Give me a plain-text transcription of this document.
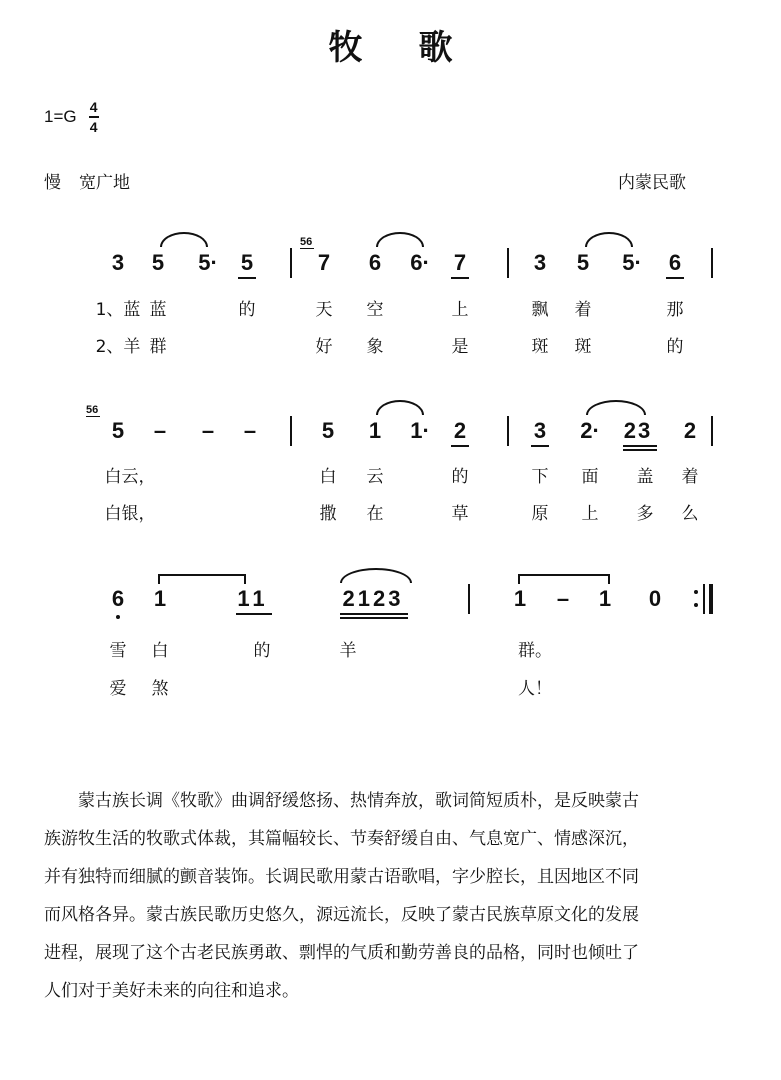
牧 歌
$1=G \frac{4}{4}$
慢 宽广地	内蒙民歌
3 5 5· 5
56
7 6 6· 7	3 5 5· 6
1、蓝 蓝	的	天 空	上	飘 着	那
2、羊 群	好 象	是	斑 斑	的
56
5 – – –	5 1 1· 2	3 2· 23 2
白云，	白 云	的	下 面 盖 着
白银，	撒 在	草	原 上 多 么
6 1	11	2123	1 – 1 0
雪 白	的	羊	群。
爱 煞	人！
蒙古族长调《牧歌》曲调舒缓悠扬、热情奔放，歌词简短质朴，是反映蒙古
族游牧生活的牧歌式体裁，其篇幅较长、节奏舒缓自由、气息宽广、情感深沉，
并有独特而细腻的颤音装饰。长调民歌用蒙古语歌唱，字少腔长，且因地区不同
而风格各异。蒙古族民歌历史悠久，源远流长，反映了蒙古民族草原文化的发展
进程，展现了这个古老民族勇敢、剽悍的气质和勤劳善良的品格，同时也倾吐了
人们对于美好未来的向往和追求。
